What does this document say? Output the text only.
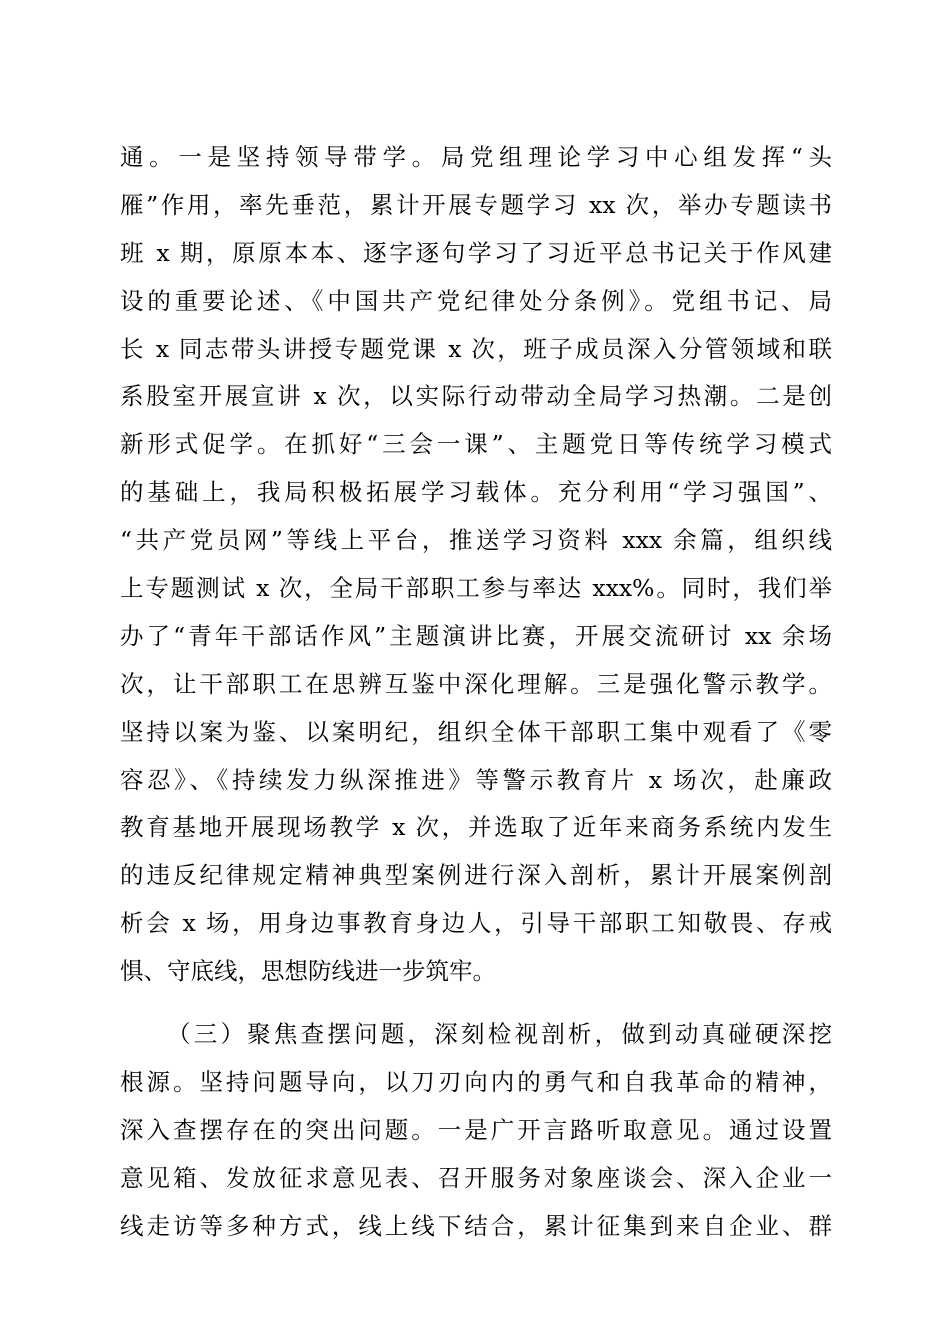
通。一是坚持领导带学。局党组理论学习中心组发挥“头
雁”作用，率先垂范，累计开展专题学习 xx 次，举办专题读书
班 x 期，原原本本、逐字逐句学习了习近平总书记关于作风建
设的重要论述、《中国共产党纪律处分条例》。党组书记、局
长 x 同志带头讲授专题党课 x 次，班子成员深入分管领域和联
系股室开展宣讲 x 次，以实际行动带动全局学习热潮。二是创
新形式促学。在抓好“三会一课”、主题党日等传统学习模式
的基础上，我局积极拓展学习载体。充分利用“学习强国”、
“共产党员网”等线上平台，推送学习资料 xxx 余篇，组织线
上专题测试 x 次，全局干部职工参与率达 xxx%。同时，我们举
办了“青年干部话作风”主题演讲比赛，开展交流研讨 xx 余场
次，让干部职工在思辨互鉴中深化理解。三是强化警示教学。
坚持以案为鉴、以案明纪，组织全体干部职工集中观看了《零
容忍》、《持续发力纵深推进》等警示教育片 x 场次，赴廉政
教育基地开展现场教学 x 次，并选取了近年来商务系统内发生
的违反纪律规定精神典型案例进行深入剖析，累计开展案例剖
析会 x 场，用身边事教育身边人，引导干部职工知敬畏、存戒
惧、守底线，思想防线进一步筑牢。
（三）聚焦查摆问题，深刻检视剖析，做到动真碰硬深挖
根源。坚持问题导向，以刀刃向内的勇气和自我革命的精神，
深入查摆存在的突出问题。一是广开言路听取意见。通过设置
意见箱、发放征求意见表、召开服务对象座谈会、深入企业一
线走访等多种方式，线上线下结合，累计征集到来自企业、群
